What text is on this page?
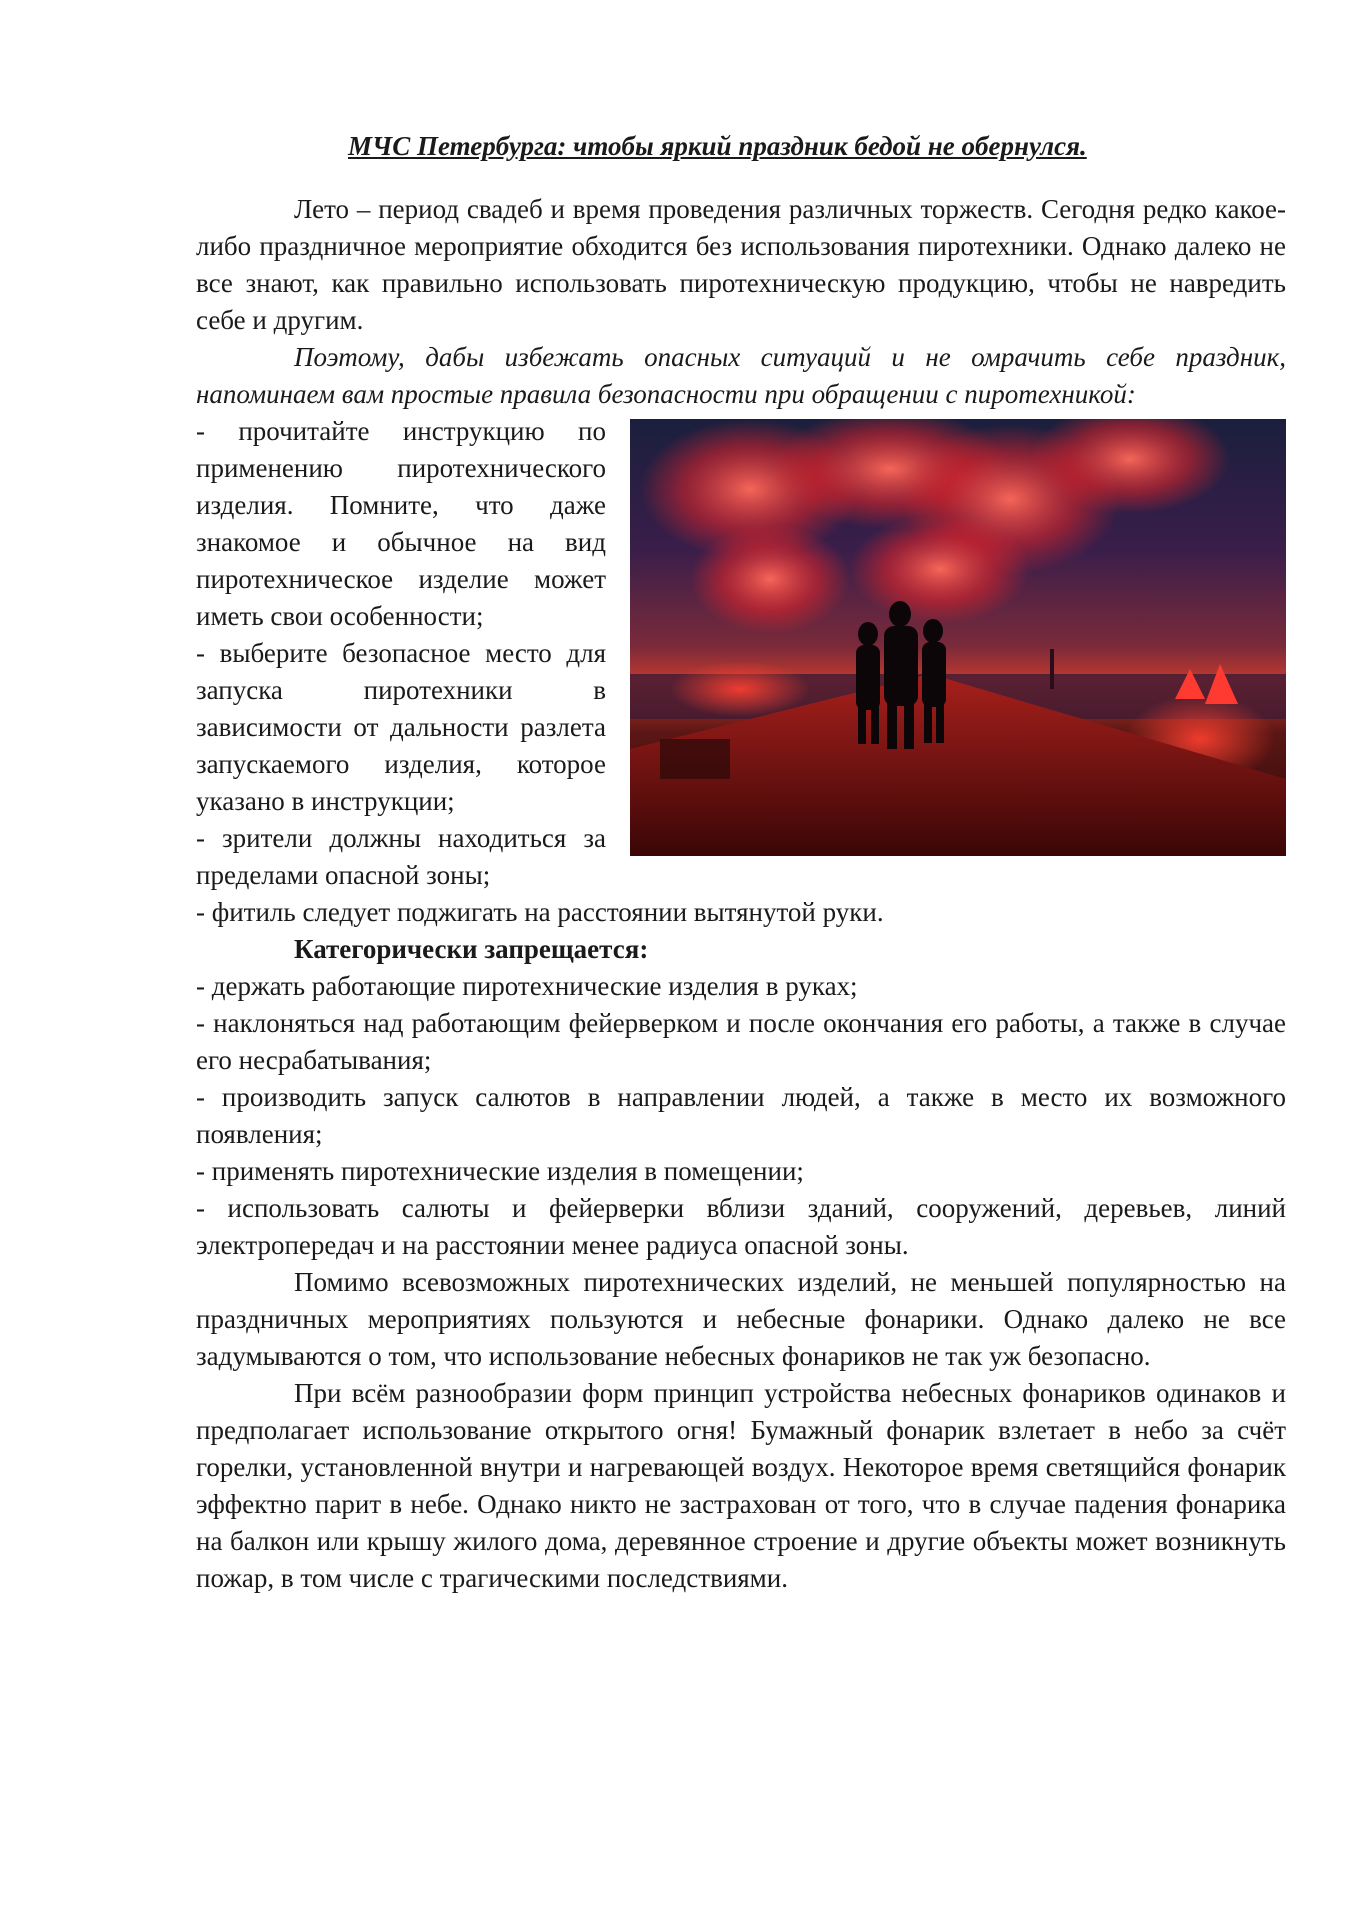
МЧС Петербурга: чтобы яркий праздник бедой не обернулся.

Лето – период свадеб и время проведения различных торжеств. Сегодня редко какое-либо праздничное мероприятие обходится без использования пиротехники. Однако далеко не все знают, как правильно использовать пиротехническую продукцию, чтобы не навредить себе и другим.

Поэтому, дабы избежать опасных ситуаций и не омрачить себе праздник, напоминаем вам простые правила безопасности при обращении с пиротехникой:

- прочитайте инструкцию по применению пиротехнического изделия. Помните, что даже знакомое и обычное на вид пиротехническое изделие может иметь свои особенности;

- выберите безопасное место для запуска пиротехники в зависимости от дальности разлета запускаемого изделия, которое указано в инструкции;

- зрители должны находиться за пределами опасной зоны;

- фитиль следует поджигать на расстоянии вытянутой руки.

Категорически запрещается:

- держать работающие пиротехнические изделия в руках;

- наклоняться над работающим фейерверком и после окончания его работы, а также в случае его несрабатывания;

- производить запуск салютов в направлении людей, а также в место их возможного появления;

- применять пиротехнические изделия в помещении;

- использовать салюты и фейерверки вблизи зданий, сооружений, деревьев, линий электропередач и на расстоянии менее радиуса опасной зоны.

Помимо всевозможных пиротехнических изделий, не меньшей популярностью на праздничных мероприятиях пользуются и небесные фонарики. Однако далеко не все задумываются о том, что использование небесных фонариков не так уж безопасно.

При всём разнообразии форм принцип устройства небесных фонариков одинаков и предполагает использование открытого огня! Бумажный фонарик взлетает в небо за счёт горелки, установленной внутри и нагревающей воздух. Некоторое время светящийся фонарик эффектно парит в небе. Однако никто не застрахован от того, что в случае падения фонарика на балкон или крышу жилого дома, деревянное строение и другие объекты может возникнуть пожар, в том числе с трагическими последствиями.
